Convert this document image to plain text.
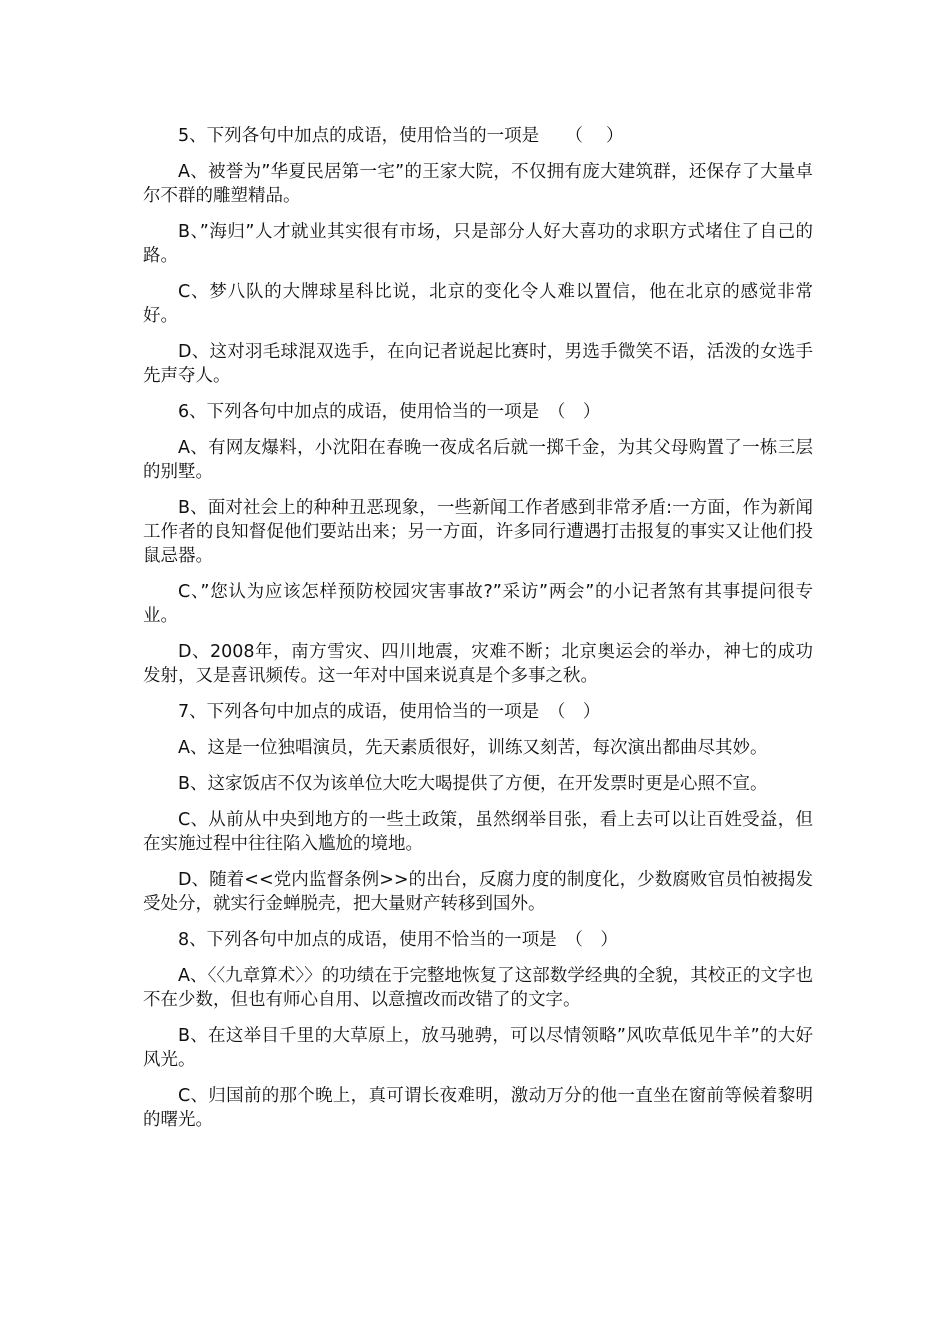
5、下列各句中加点的成语，使用恰当的一项是　　（　 ）

A、被誉为”华夏民居第一宅”的王家大院，不仅拥有庞大建筑群，还保存了大量卓尔不群的雕塑精品。

B、”海归”人才就业其实很有市场，只是部分人好大喜功的求职方式堵住了自己的路。

C、梦八队的大牌球星科比说，北京的变化令人难以置信，他在北京的感觉非常好。

D、这对羽毛球混双选手，在向记者说起比赛时，男选手微笑不语，活泼的女选手先声夺人。

6、下列各句中加点的成语，使用恰当的一项是　（　）

A、有网友爆料，小沈阳在春晚一夜成名后就一掷千金，为其父母购置了一栋三层的别墅。

B、面对社会上的种种丑恶现象，一些新闻工作者感到非常矛盾:一方面，作为新闻工作者的良知督促他们要站出来；另一方面，许多同行遭遇打击报复的事实又让他们投鼠忌器。

C、”您认为应该怎样预防校园灾害事故?”采访”两会”的小记者煞有其事提问很专业。

D、2008年，南方雪灾、四川地震，灾难不断；北京奥运会的举办，神七的成功发射，又是喜讯频传。这一年对中国来说真是个多事之秋。

7、下列各句中加点的成语，使用恰当的一项是　（　）

A、这是一位独唱演员，先天素质很好，训练又刻苦，每次演出都曲尽其妙。

B、这家饭店不仅为该单位大吃大喝提供了方便，在开发票时更是心照不宣。

C、从前从中央到地方的一些土政策，虽然纲举目张，看上去可以让百姓受益，但在实施过程中往往陷入尴尬的境地。

D、随着<<党内监督条例>>的出台，反腐力度的制度化，少数腐败官员怕被揭发受处分，就实行金蝉脱壳，把大量财产转移到国外。

8、下列各句中加点的成语，使用不恰当的一项是　（　）

A、〈〈九章算术〉〉的功绩在于完整地恢复了这部数学经典的全貌，其校正的文字也不在少数，但也有师心自用、以意擅改而改错了的文字。

B、在这举目千里的大草原上，放马驰骋，可以尽情领略”风吹草低见牛羊”的大好风光。

C、归国前的那个晚上，真可谓长夜难明，激动万分的他一直坐在窗前等候着黎明的曙光。
